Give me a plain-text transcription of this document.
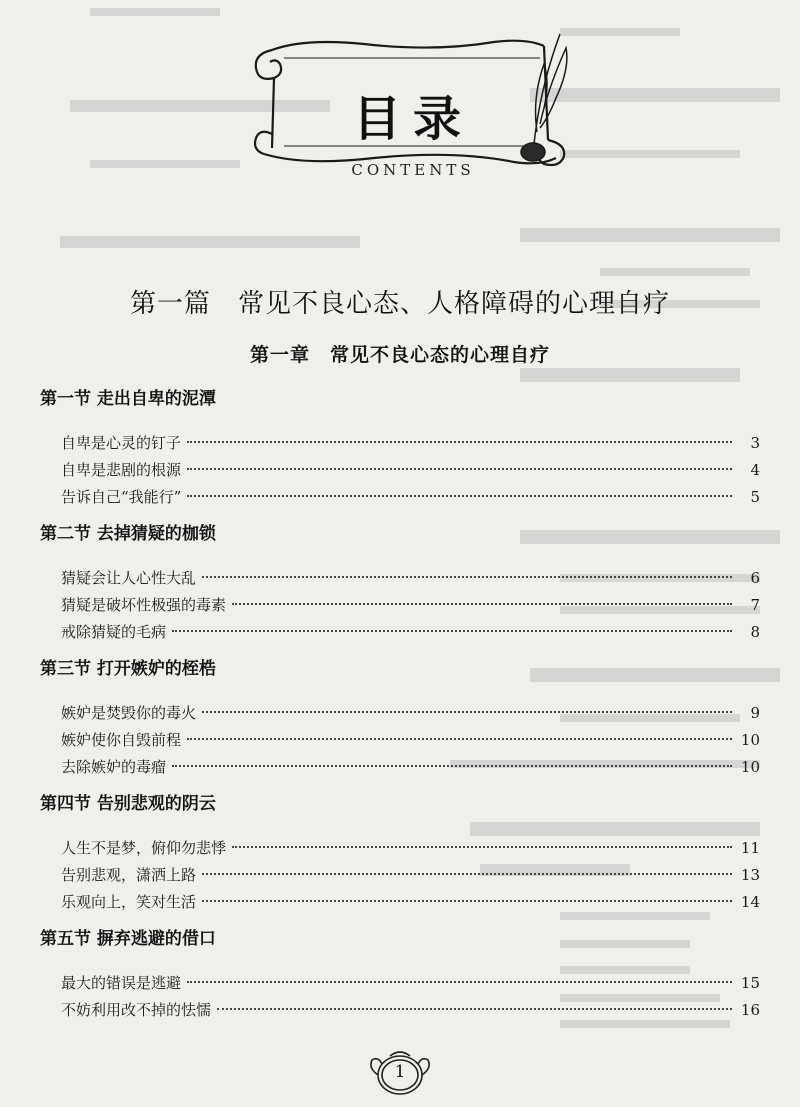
目录
CONTENTS
第一篇　常见不良心态、人格障碍的心理自疗
第一章　常见不良心态的心理自疗
第一节 走出自卑的泥潭
自卑是心灵的钉子	3
自卑是悲剧的根源	4
告诉自己“我能行”	5
第二节 去掉猜疑的枷锁
猜疑会让人心性大乱	6
猜疑是破坏性极强的毒素	7
戒除猜疑的毛病	8
第三节 打开嫉妒的桎梏
嫉妒是焚毁你的毒火	9
嫉妒使你自毁前程	10
去除嫉妒的毒瘤	10
第四节 告别悲观的阴云
人生不是梦，俯仰勿悲悸	11
告别悲观，潇洒上路	13
乐观向上，笑对生活	14
第五节 摒弃逃避的借口
最大的错误是逃避	15
不妨利用改不掉的怯懦	16
1
